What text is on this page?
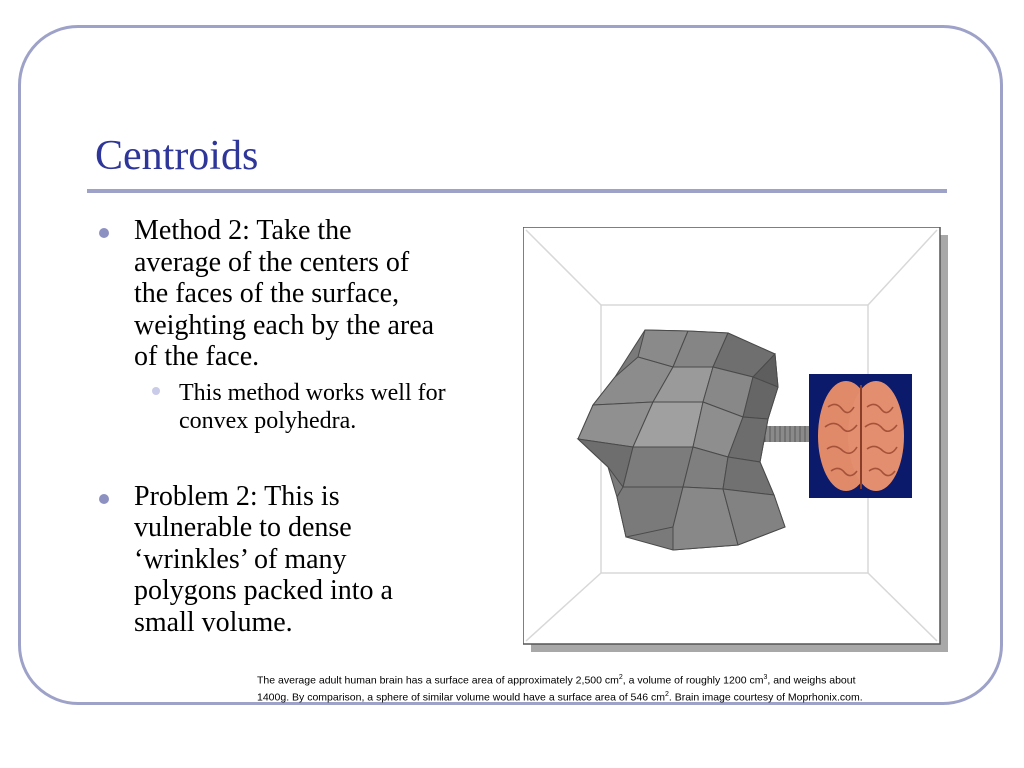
Centroids
Method 2: Take the
average of the centers of
the faces of the surface,
weighting each by the area
of the face.
This method works well for
convex polyhedra.
Problem 2: This is
vulnerable to dense
‘wrinkles’ of many
polygons packed into a
small volume.
The average adult human brain has a surface area of approximately 2,500 $cm^2$, a volume of roughly 1200 $cm^3$, and weighs about
1400g. By comparison, a sphere of similar volume would have a surface area of 546 $cm^2$. Brain image courtesy of Moprhonix.com.
